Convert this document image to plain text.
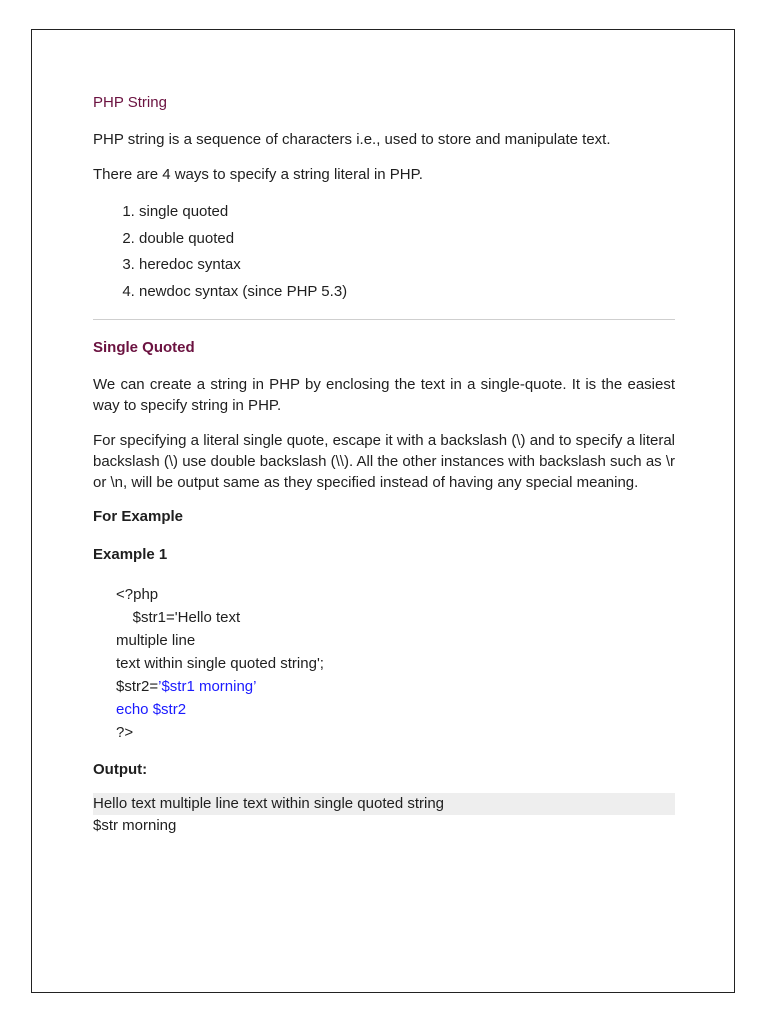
PHP String

PHP string is a sequence of characters i.e., used to store and manipulate text.

There are 4 ways to specify a string literal in PHP.

1. single quoted
2. double quoted
3. heredoc syntax
4. newdoc syntax (since PHP 5.3)
Single Quoted

We can create a string in PHP by enclosing the text in a single-quote. It is the easiest way to specify string in PHP.

For specifying a literal single quote, escape it with a backslash (\) and to specify a literal backslash (\) use double backslash (\\). All the other instances with backslash such as \r or \n, will be output same as they specified instead of having any special meaning.

For Example
Example 1
<?php
$str1='Hello text
multiple line
text within single quoted string';
$str2=’$str1 morning’
echo $str2
?>
Output:
Hello text multiple line text within single quoted string
$str morning
